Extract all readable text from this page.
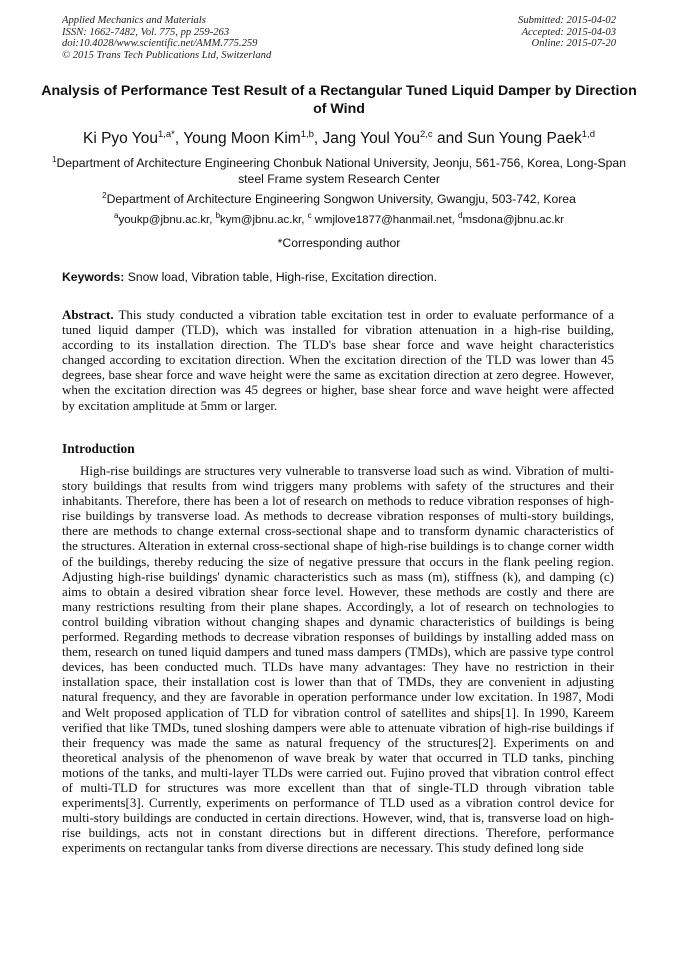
Applied Mechanics and Materials
ISSN: 1662-7482, Vol. 775, pp 259-263
doi:10.4028/www.scientific.net/AMM.775.259
© 2015 Trans Tech Publications Ltd, Switzerland
Submitted: 2015-04-02
Accepted: 2015-04-03
Online: 2015-07-20
Analysis of Performance Test Result of a Rectangular Tuned Liquid Damper by Direction of Wind
Ki Pyo You$^{1,a*}$, Young Moon Kim$^{1,b}$, Jang Youl You$^{2,c}$ and Sun Young Paek$^{1,d}$
$^1$Department of Architecture Engineering Chonbuk National University, Jeonju, 561-756, Korea, Long-Span steel Frame system Research Center
$^2$Department of Architecture Engineering Songwon University, Gwangju, 503-742, Korea
$^a$youkp@jbnu.ac.kr, $^b$kym@jbnu.ac.kr, $^c$ wmjlove1877@hanmail.net, $^d$msdona@jbnu.ac.kr
*Corresponding author
Keywords: Snow load, Vibration table, High-rise, Excitation direction.
Abstract. This study conducted a vibration table excitation test in order to evaluate performance of a tuned liquid damper (TLD), which was installed for vibration attenuation in a high-rise building, according to its installation direction. The TLD's base shear force and wave height characteristics changed according to excitation direction. When the excitation direction of the TLD was lower than 45 degrees, base shear force and wave height were the same as excitation direction at zero degree. However, when the excitation direction was 45 degrees or higher, base shear force and wave height were affected by excitation amplitude at 5mm or larger.
Introduction
High-rise buildings are structures very vulnerable to transverse load such as wind. Vibration of multi-story buildings that results from wind triggers many problems with safety of the structures and their inhabitants. Therefore, there has been a lot of research on methods to reduce vibration responses of high-rise buildings by transverse load. As methods to decrease vibration responses of multi-story buildings, there are methods to change external cross-sectional shape and to transform dynamic characteristics of the structures. Alteration in external cross-sectional shape of high-rise buildings is to change corner width of the buildings, thereby reducing the size of negative pressure that occurs in the flank peeling region. Adjusting high-rise buildings' dynamic characteristics such as mass (m), stiffness (k), and damping (c) aims to obtain a desired vibration shear force level. However, these methods are costly and there are many restrictions resulting from their plane shapes. Accordingly, a lot of research on technologies to control building vibration without changing shapes and dynamic characteristics of buildings is being performed. Regarding methods to decrease vibration responses of buildings by installing added mass on them, research on tuned liquid dampers and tuned mass dampers (TMDs), which are passive type control devices, has been conducted much. TLDs have many advantages: They have no restriction in their installation space, their installation cost is lower than that of TMDs, they are convenient in adjusting natural frequency, and they are favorable in operation performance under low excitation. In 1987, Modi and Welt proposed application of TLD for vibration control of satellites and ships[1]. In 1990, Kareem verified that like TMDs, tuned sloshing dampers were able to attenuate vibration of high-rise buildings if their frequency was made the same as natural frequency of the structures[2]. Experiments on and theoretical analysis of the phenomenon of wave break by water that occurred in TLD tanks, pinching motions of the tanks, and multi-layer TLDs were carried out. Fujino proved that vibration control effect of multi-TLD for structures was more excellent than that of single-TLD through vibration table experiments[3]. Currently, experiments on performance of TLD used as a vibration control device for multi-story buildings are conducted in certain directions. However, wind, that is, transverse load on high-rise buildings, acts not in constant directions but in different directions. Therefore, performance experiments on rectangular tanks from diverse directions are necessary. This study defined long side
